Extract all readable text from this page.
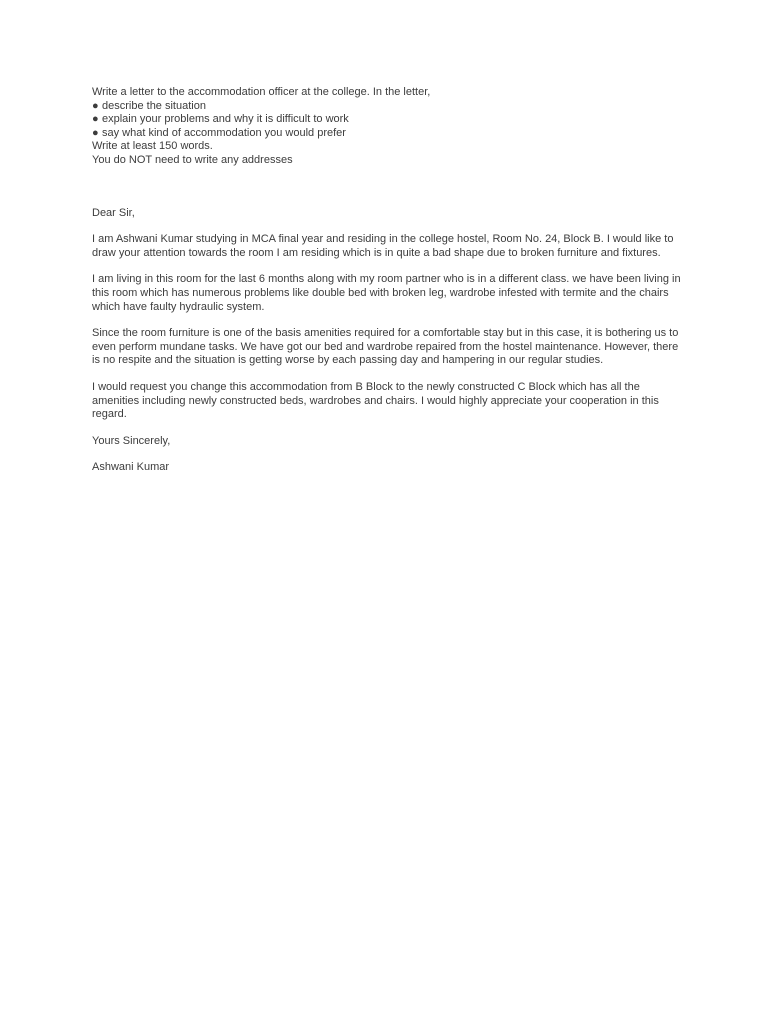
Write a letter to the accommodation officer at the college. In the letter,

● describe the situation

● explain your problems and why it is difficult to work

● say what kind of accommodation you would prefer

Write at least 150 words.

You do NOT need to write any addresses

Dear Sir,

I am Ashwani Kumar studying in MCA final year and residing in the college hostel, Room No. 24, Block B. I would like to draw your attention towards the room I am residing which is in quite a bad shape due to broken furniture and fixtures.

I am living in this room for the last 6 months along with my room partner who is in a different class. we have been living in this room which has numerous problems like double bed with broken leg, wardrobe infested with termite and the chairs which have faulty hydraulic system.

Since the room furniture is one of the basis amenities required for a comfortable stay but in this case, it is bothering us to even perform mundane tasks. We have got our bed and wardrobe repaired from the hostel maintenance. However, there is no respite and the situation is getting worse by each passing day and hampering in our regular studies.

I would request you change this accommodation from B Block to the newly constructed C Block which has all the amenities including newly constructed beds, wardrobes and chairs. I would highly appreciate your cooperation in this regard.

Yours Sincerely,

Ashwani Kumar
